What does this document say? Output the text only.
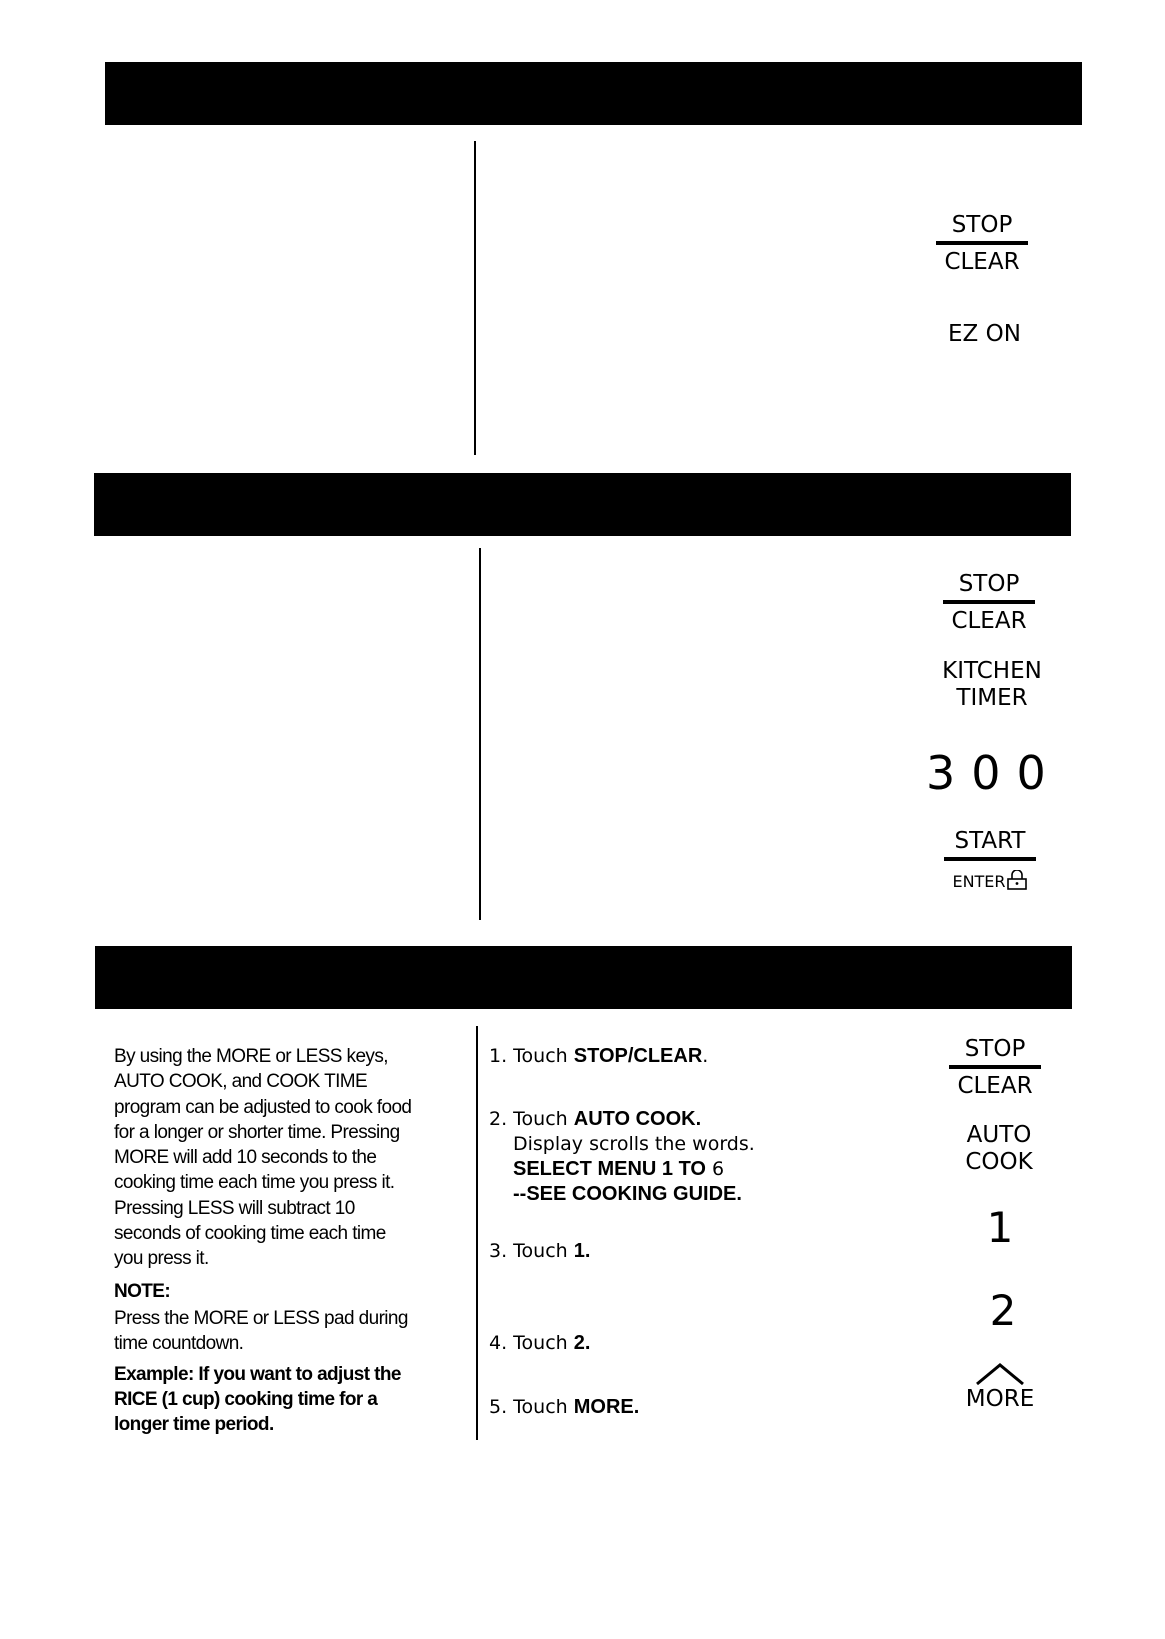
STOP
CLEAR
EZ ON
STOP
CLEAR
KITCHEN
TIMER
300
START
ENTER

By using the MORE or LESS keys, AUTO COOK, and COOK TIME program can be adjusted to cook food for a longer or shorter time. Pressing MORE will add 10 seconds to the cooking time each time you press it. Pressing LESS will subtract 10 seconds of cooking time each time you press it.

NOTE:
Press the MORE or LESS pad during time countdown.
Example: If you want to adjust the RICE (1 cup) cooking time for a longer time period.
1. Touch STOP/CLEAR.
2. Touch AUTO COOK.
Display scrolls the words.
SELECT MENU 1 TO 6
--SEE COOKING GUIDE.
3. Touch 1.
4. Touch 2.
5. Touch MORE.
STOP
CLEAR
AUTO
COOK
1
2
MORE
